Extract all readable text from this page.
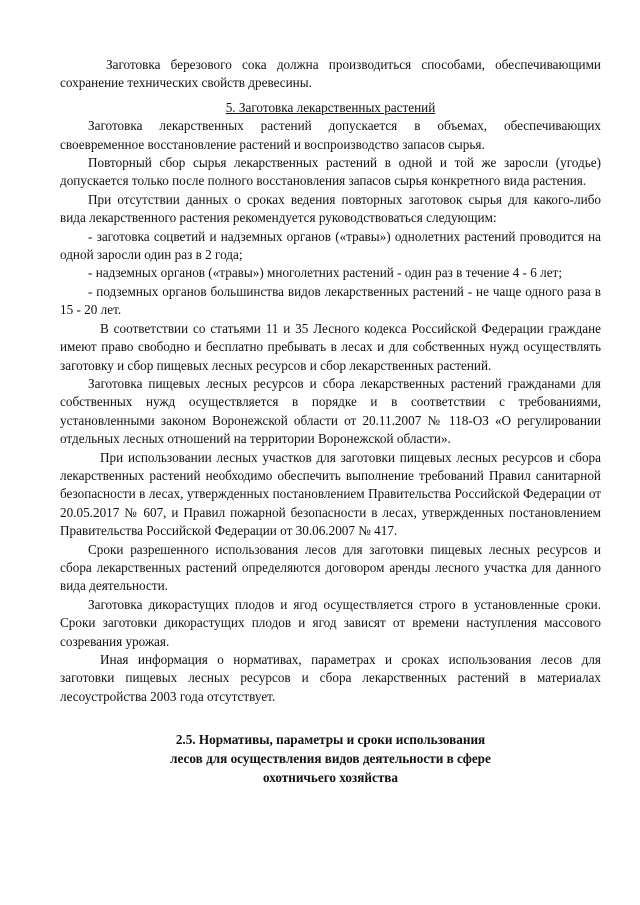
Заготовка березового сока должна производиться способами, обеспечивающими сохранение технических свойств древесины.

5. Заготовка лекарственных растений

Заготовка лекарственных растений допускается в объемах, обеспечивающих своевременное восстановление растений и воспроизводство запасов сырья.

Повторный сбор сырья лекарственных растений в одной и той же заросли (угодье) допускается только после полного восстановления запасов сырья конкретного вида растения.

При отсутствии данных о сроках ведения повторных заготовок сырья для какого-либо вида лекарственного растения рекомендуется руководствоваться следующим:

- заготовка соцветий и надземных органов («травы») однолетних растений проводится на одной заросли один раз в 2 года;

- надземных органов («травы») многолетних растений - один раз в течение 4 - 6 лет;

- подземных органов большинства видов лекарственных растений - не чаще одного раза в 15 - 20 лет.

В соответствии со статьями 11 и 35 Лесного кодекса Российской Федерации граждане имеют право свободно и бесплатно пребывать в лесах и для собственных нужд осуществлять заготовку и сбор пищевых лесных ресурсов и сбор лекарственных растений.

Заготовка пищевых лесных ресурсов и сбора лекарственных растений гражданами для собственных нужд осуществляется в порядке и в соответствии с требованиями, установленными законом Воронежской области от 20.11.2007 № 118-ОЗ «О регулировании отдельных лесных отношений на территории Воронежской области».

При использовании лесных участков для заготовки пищевых лесных ресурсов и сбора лекарственных растений необходимо обеспечить выполнение требований Правил санитарной безопасности в лесах, утвержденных постановлением Правительства Российской Федерации от 20.05.2017 № 607, и Правил пожарной безопасности в лесах, утвержденных постановлением Правительства Российской Федерации от 30.06.2007 № 417.

Сроки разрешенного использования лесов для заготовки пищевых лесных ресурсов и сбора лекарственных растений определяются договором аренды лесного участка для данного вида деятельности.

Заготовка дикорастущих плодов и ягод осуществляется строго в установленные сроки. Сроки заготовки дикорастущих плодов и ягод зависят от времени наступления массового созревания урожая.

Иная информация о нормативах, параметрах и сроках использования лесов для заготовки пищевых лесных ресурсов и сбора лекарственных растений в материалах лесоустройства 2003 года отсутствует.

2.5. Нормативы, параметры и сроки использования

лесов для осуществления видов деятельности в сфере

охотничьего хозяйства
